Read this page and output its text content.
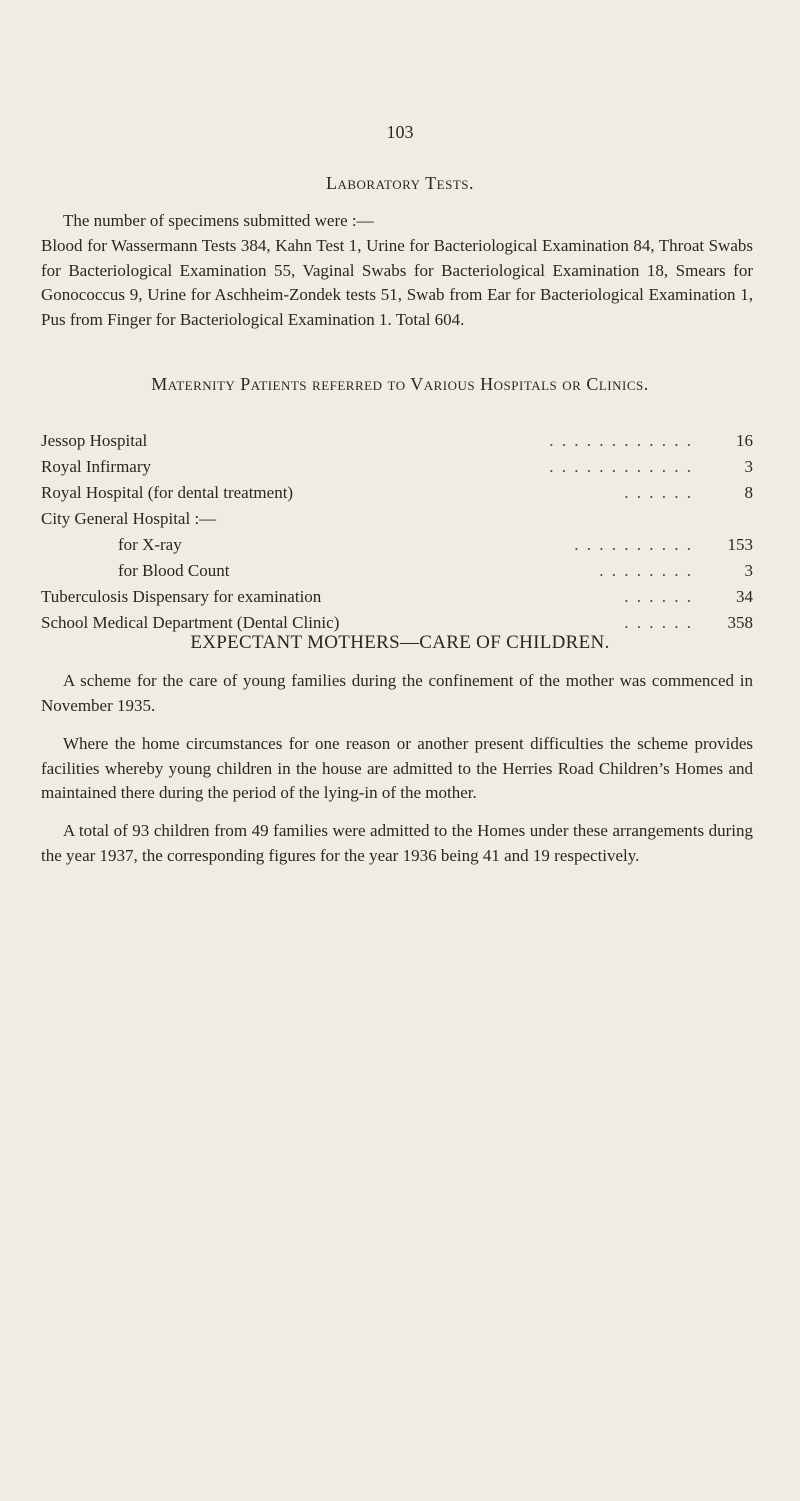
103
Laboratory Tests.
The number of specimens submitted were :—
Blood for Wassermann Tests 384, Kahn Test 1, Urine for Bacteriological Examination 84, Throat Swabs for Bacteriological Examination 55, Vaginal Swabs for Bacteriological Examination 18, Smears for Gonococcus 9, Urine for Aschheim-Zondek tests 51, Swab from Ear for Bacteriological Examination 1, Pus from Finger for Bacteriological Examination 1. Total 604.
Maternity Patients referred to Various Hospitals or Clinics.
Jessop Hospital	. . . . . . . . . . . .	16
Royal Infirmary	. . . . . . . . . . . .	3
Royal Hospital (for dental treatment)	. . . . . .	8
City General Hospital :—
for X-ray	. . . . . . . . . .	153
for Blood Count	. . . . . . . .	3
Tuberculosis Dispensary for examination	. . . . . .	34
School Medical Department (Dental Clinic)	. . . . . .	358
EXPECTANT MOTHERS—CARE OF CHILDREN.
A scheme for the care of young families during the confinement of the mother was commenced in November 1935.
Where the home circumstances for one reason or another present difficulties the scheme provides facilities whereby young children in the house are admitted to the Herries Road Children’s Homes and maintained there during the period of the lying-in of the mother.
A total of 93 children from 49 families were admitted to the Homes under these arrangements during the year 1937, the corresponding figures for the year 1936 being 41 and 19 respectively.
